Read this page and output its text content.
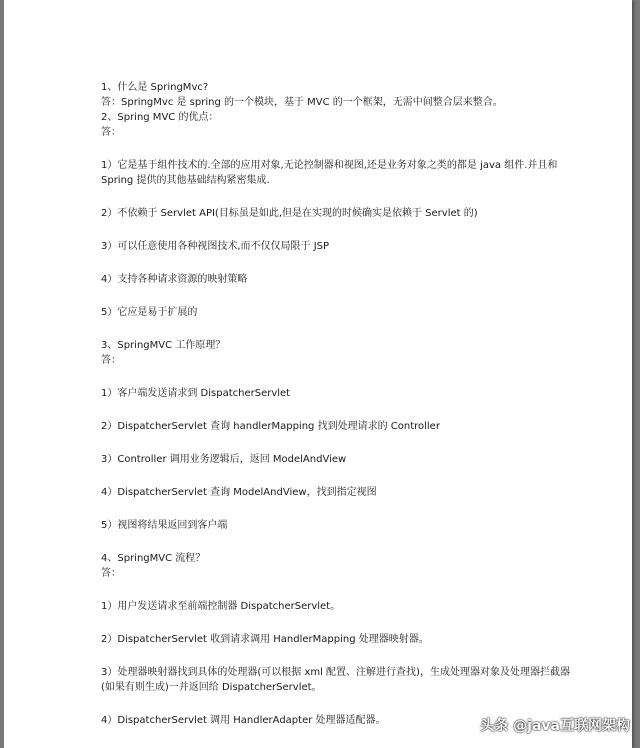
1、什么是 SpringMvc?

答：SpringMvc 是 spring 的一个模块，基于 MVC 的一个框架，无需中间整合层来整合。

2、Spring MVC 的优点：

答：

1）它是基于组件技术的.全部的应用对象,无论控制器和视图,还是业务对象之类的都是 java 组件.并且和 Spring 提供的其他基础结构紧密集成.

2）不依赖于 Servlet API(目标虽是如此,但是在实现的时候确实是依赖于 Servlet 的)

3）可以任意使用各种视图技术,而不仅仅局限于 JSP

4）支持各种请求资源的映射策略

5）它应是易于扩展的

3、SpringMVC 工作原理？

答：

1）客户端发送请求到 DispatcherServlet

2）DispatcherServlet 查询 handlerMapping 找到处理请求的 Controller

3）Controller 调用业务逻辑后，返回 ModelAndView

4）DispatcherServlet 查询 ModelAndView，找到指定视图

5）视图将结果返回到客户端

4、SpringMVC 流程？

答：

1）用户发送请求至前端控制器 DispatcherServlet。

2）DispatcherServlet 收到请求调用 HandlerMapping 处理器映射器。

3）处理器映射器找到具体的处理器(可以根据 xml 配置、注解进行查找)，生成处理器对象及处理器拦截器(如果有则生成)一并返回给 DispatcherServlet。

4）DispatcherServlet 调用 HandlerAdapter 处理器适配器。	头条 @java互联网架构
